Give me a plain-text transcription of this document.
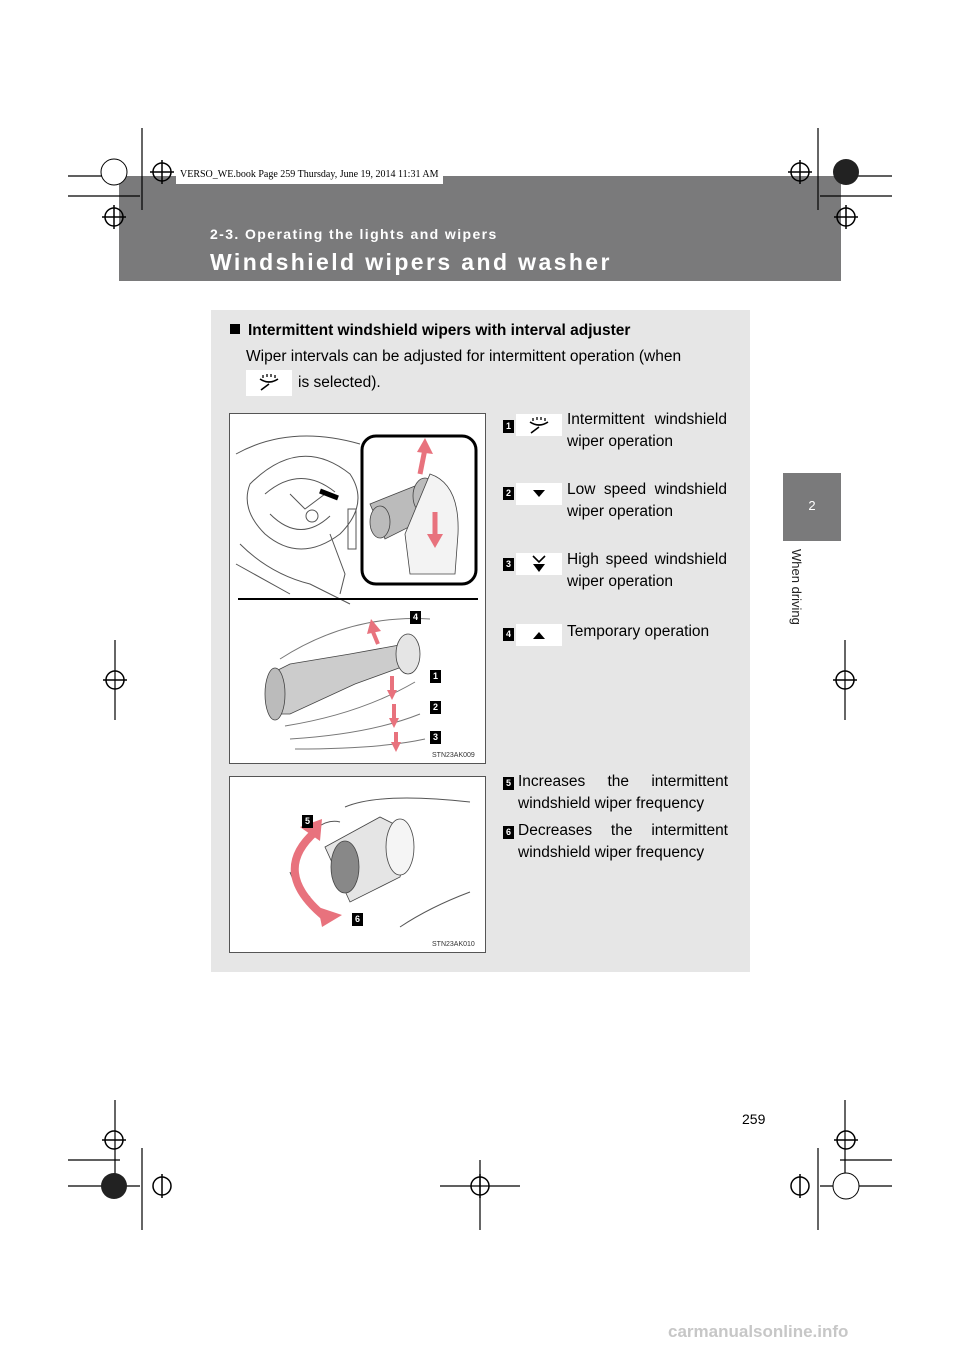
2-3. Operating the lights and wipers
Windshield wipers and washer
VERSO_WE.book Page 259 Thursday, June 19, 2014 11:31 AM
2
When driving
Intermittent windshield wipers with interval adjuster
Wiper intervals can be adjusted for intermittent operation (when
is selected).
4
1
2
3
STN23AK009
5
6
STN23AK010
1	Intermittent windshield wiper operation
2	Low speed windshield wiper operation
3	High speed windshield wiper operation
4	Temporary operation
5 Increases the intermittent windshield wiper frequency
6 Decreases the intermittent windshield wiper frequency
259
carmanualsonline.info
